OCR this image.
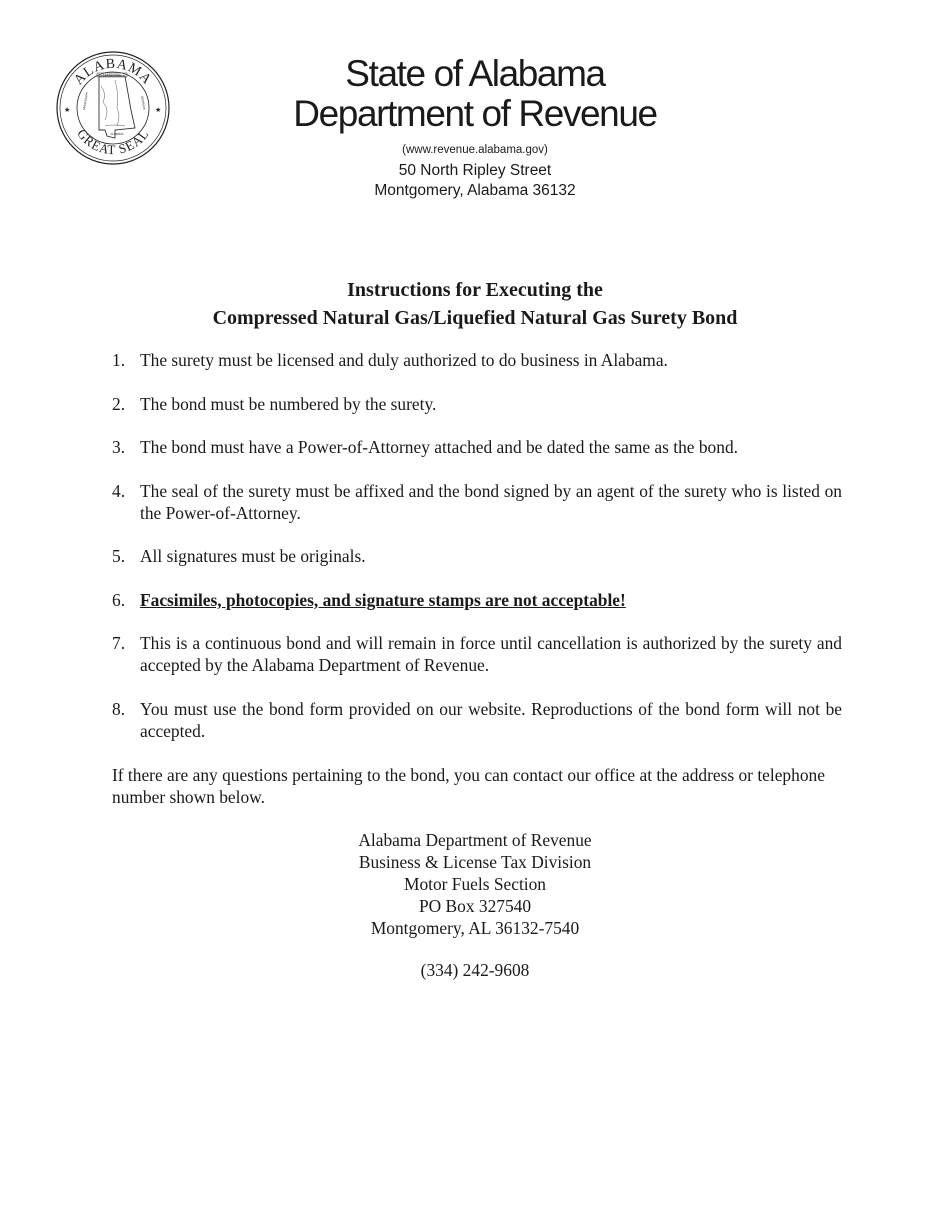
ALABAMA
GREAT SEAL
★	★
TENNESSEE
MISSISSIPPI	GEORGIA
FLORIDA
State of Alabama
Department of Revenue
(www.revenue.alabama.gov)
50 North Ripley Street
Montgomery, Alabama 36132
Instructions for Executing the
Compressed Natural Gas/Liquefied Natural Gas Surety Bond
1. The surety must be licensed and duly authorized to do business in Alabama.
2. The bond must be numbered by the surety.
3. The bond must have a Power-of-Attorney attached and be dated the same as the bond.
4. The seal of the surety must be affixed and the bond signed by an agent of the surety who is listed on the Power-of-Attorney.
5. All signatures must be originals.
6. Facsimiles, photocopies, and signature stamps are not acceptable!
7. This is a continuous bond and will remain in force until cancellation is authorized by the surety and accepted by the Alabama Department of Revenue.
8. You must use the bond form provided on our website. Reproductions of the bond form will not be accepted.

If there are any questions pertaining to the bond, you can contact our office at the address or telephone number shown below.

Alabama Department of Revenue
Business & License Tax Division
Motor Fuels Section
PO Box 327540
Montgomery, AL 36132-7540
(334) 242-9608
